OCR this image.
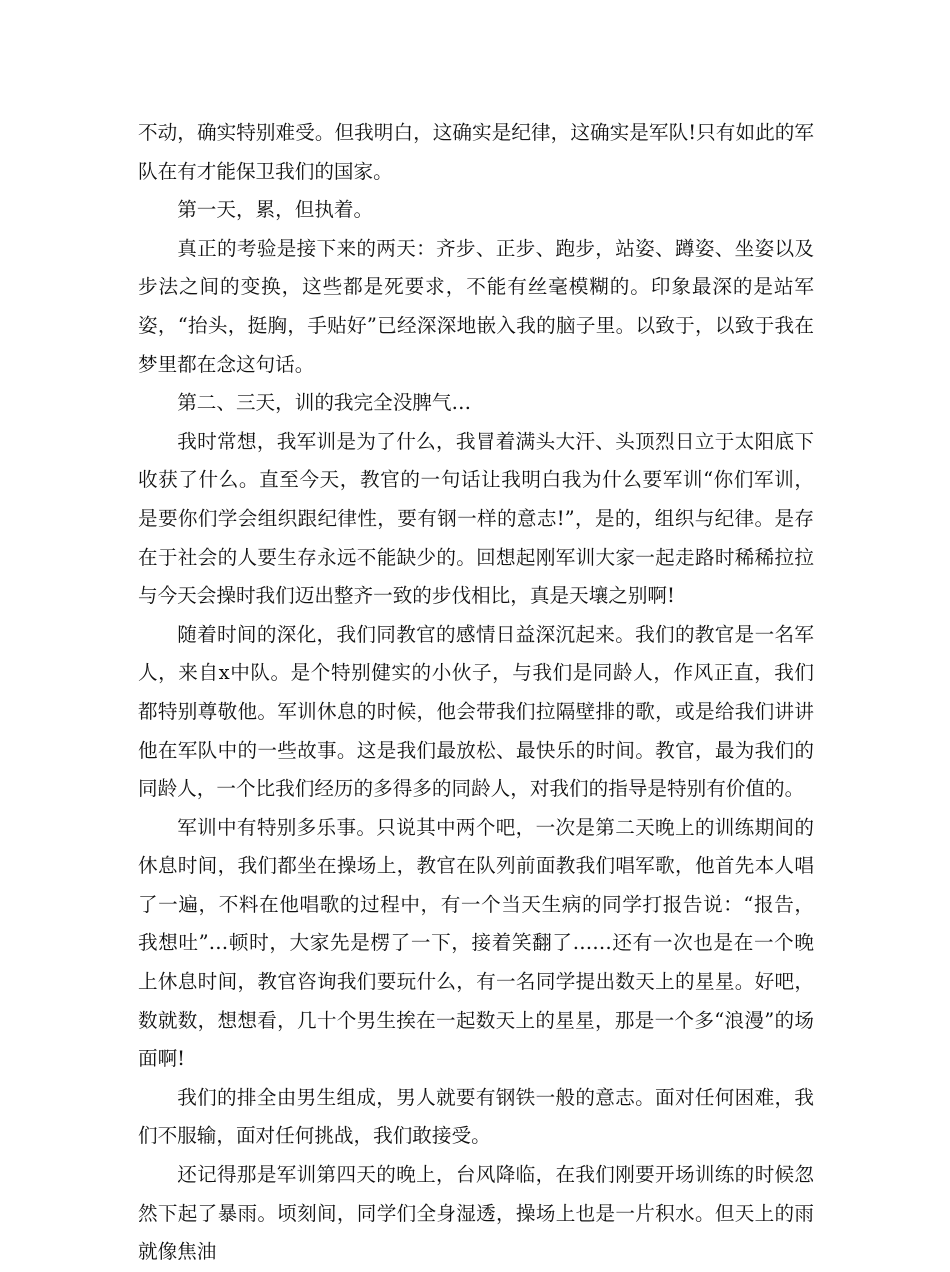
不动，确实特别难受。但我明白，这确实是纪律，这确实是军队!只有如此的军队在有才能保卫我们的国家。

第一天，累，但执着。

真正的考验是接下来的两天：齐步、正步、跑步，站姿、蹲姿、坐姿以及步法之间的变换，这些都是死要求，不能有丝毫模糊的。印象最深的是站军姿，“抬头，挺胸，手贴好”已经深深地嵌入我的脑子里。以致于，以致于我在梦里都在念这句话。

第二、三天，训的我完全没脾气…

我时常想，我军训是为了什么，我冒着满头大汗、头顶烈日立于太阳底下收获了什么。直至今天，教官的一句话让我明白我为什么要军训“你们军训，是要你们学会组织跟纪律性，要有钢一样的意志!”，是的，组织与纪律。是存在于社会的人要生存永远不能缺少的。回想起刚军训大家一起走路时稀稀拉拉与今天会操时我们迈出整齐一致的步伐相比，真是天壤之别啊!

随着时间的深化，我们同教官的感情日益深沉起来。我们的教官是一名军人，来自x中队。是个特别健实的小伙子，与我们是同龄人，作风正直，我们都特别尊敬他。军训休息的时候，他会带我们拉隔壁排的歌，或是给我们讲讲他在军队中的一些故事。这是我们最放松、最快乐的时间。教官，最为我们的同龄人，一个比我们经历的多得多的同龄人，对我们的指导是特别有价值的。

军训中有特别多乐事。只说其中两个吧，一次是第二天晚上的训练期间的休息时间，我们都坐在操场上，教官在队列前面教我们唱军歌，他首先本人唱了一遍，不料在他唱歌的过程中，有一个当天生病的同学打报告说：“报告，我想吐”…顿时，大家先是楞了一下，接着笑翻了……还有一次也是在一个晚上休息时间，教官咨询我们要玩什么，有一名同学提出数天上的星星。好吧，数就数，想想看，几十个男生挨在一起数天上的星星，那是一个多“浪漫”的场面啊!

我们的排全由男生组成，男人就要有钢铁一般的意志。面对任何困难，我们不服输，面对任何挑战，我们敢接受。

还记得那是军训第四天的晚上，台风降临，在我们刚要开场训练的时候忽然下起了暴雨。顷刻间，同学们全身湿透，操场上也是一片积水。但天上的雨就像焦油
